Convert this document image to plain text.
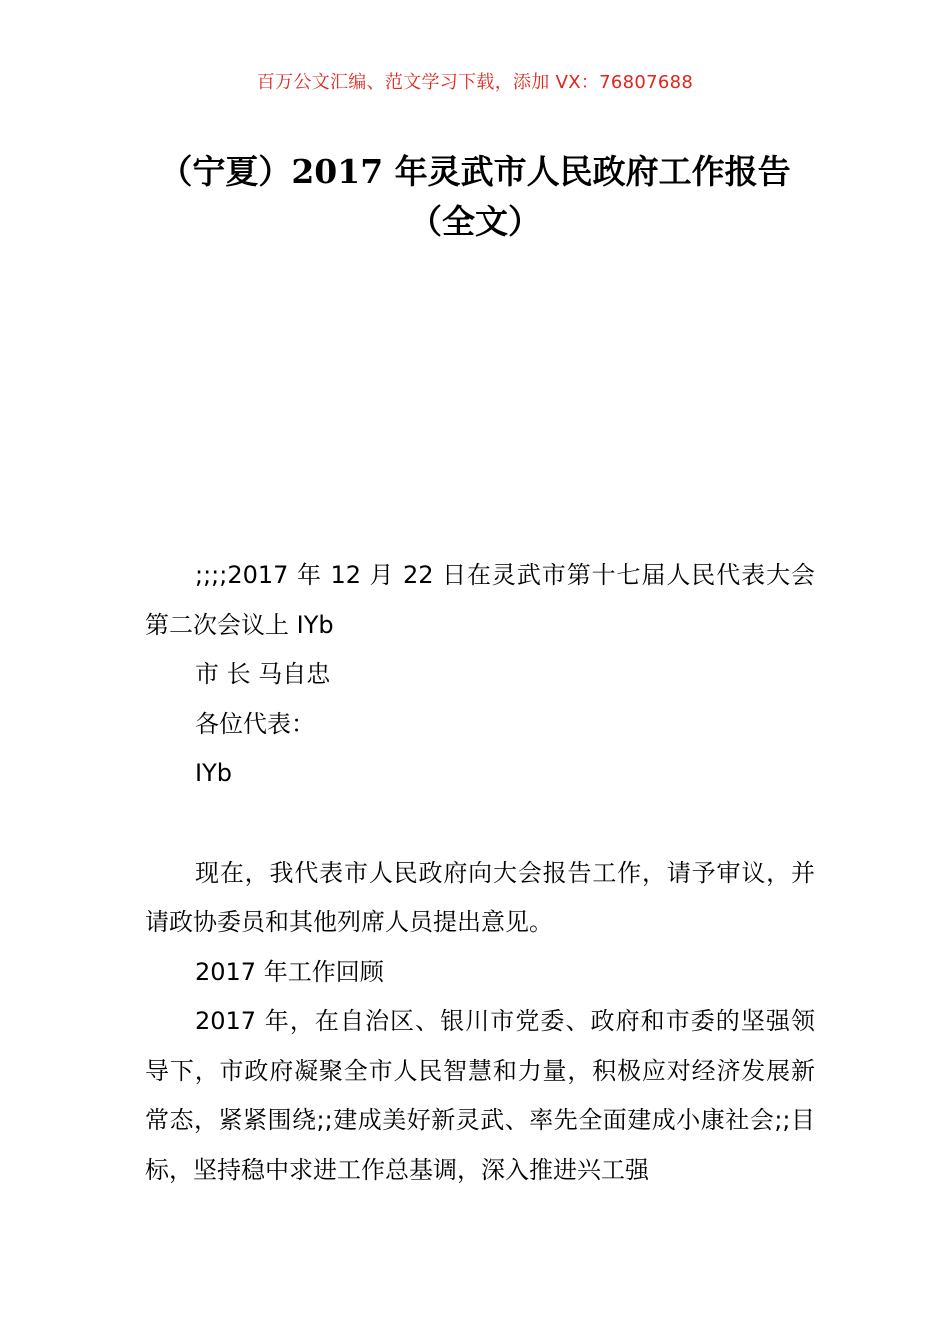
百万公文汇编、范文学习下载，添加 VX：76807688
（宁夏）2017 年灵武市人民政府工作报告
（全文）

;;;;2017 年 12 月 22 日在灵武市第十七届人民代表大会第二次会议上 IYb

市 长 马自忠

各位代表：

IYb

现在，我代表市人民政府向大会报告工作，请予审议，并请政协委员和其他列席人员提出意见。

2017 年工作回顾

2017 年，在自治区、银川市党委、政府和市委的坚强领导下，市政府凝聚全市人民智慧和力量，积极应对经济发展新常态，紧紧围绕;;建成美好新灵武、率先全面建成小康社会;;目标，坚持稳中求进工作总基调，深入推进兴工强
